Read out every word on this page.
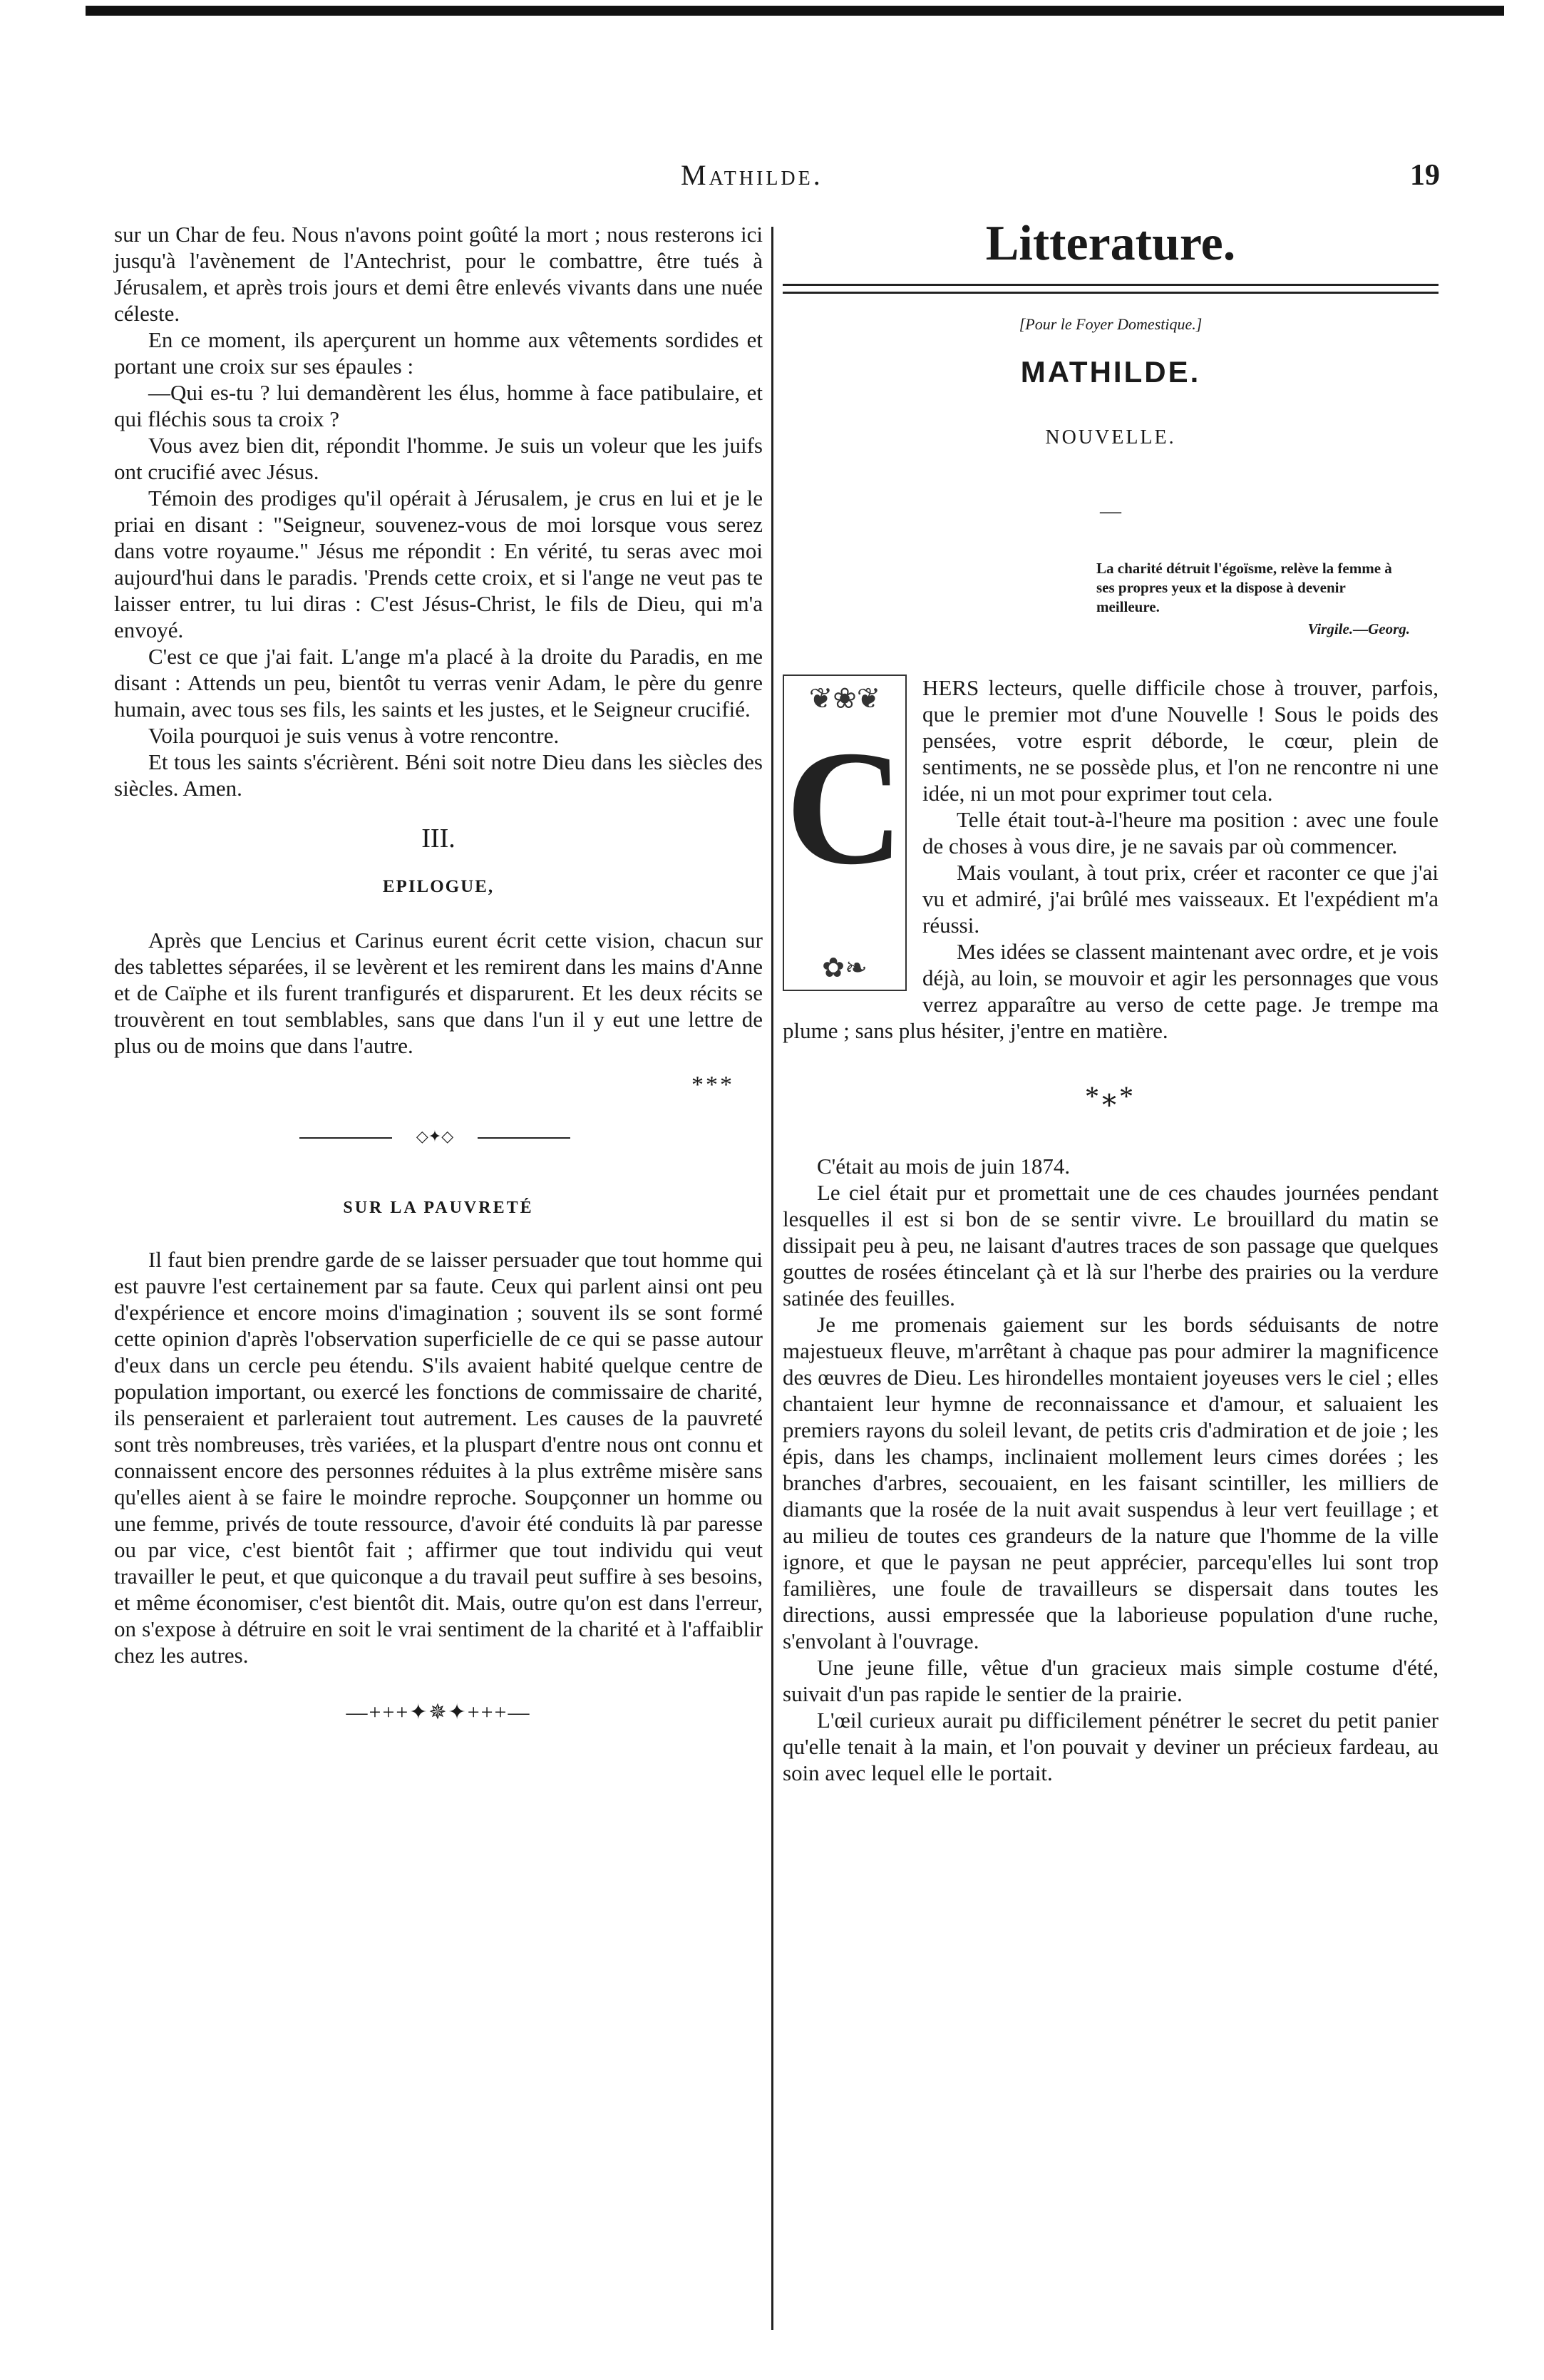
Mathilde.	19

sur un Char de feu. Nous n'avons point goûté la mort ; nous resterons ici jusqu'à l'avènement de l'Antechrist, pour le combattre, être tués à Jérusalem, et après trois jours et demi être enlevés vivants dans une nuée céleste.

En ce moment, ils aperçurent un homme aux vêtements sordides et portant une croix sur ses épaules :

—Qui es-tu ? lui demandèrent les élus, homme à face patibulaire, et qui fléchis sous ta croix ?

Vous avez bien dit, répondit l'homme. Je suis un voleur que les juifs ont crucifié avec Jésus.

Témoin des prodiges qu'il opérait à Jérusalem, je crus en lui et je le priai en disant : "Seigneur, souvenez-vous de moi lorsque vous serez dans votre royaume." Jésus me répondit : En vérité, tu seras avec moi aujourd'hui dans le paradis. 'Prends cette croix, et si l'ange ne veut pas te laisser entrer, tu lui diras : C'est Jésus-Christ, le fils de Dieu, qui m'a envoyé.

C'est ce que j'ai fait. L'ange m'a placé à la droite du Paradis, en me disant : Attends un peu, bientôt tu verras venir Adam, le père du genre humain, avec tous ses fils, les saints et les justes, et le Seigneur crucifié.

Voila pourquoi je suis venus à votre rencontre.

Et tous les saints s'écrièrent. Béni soit notre Dieu dans les siècles des siècles. Amen.

III.
EPILOGUE,

Après que Lencius et Carinus eurent écrit cette vision, chacun sur des tablettes séparées, il se levèrent et les remirent dans les mains d'Anne et de Caïphe et ils furent tranfigurés et disparurent. Et les deux récits se trouvèrent en tout semblables, sans que dans l'un il y eut une lettre de plus ou de moins que dans l'autre.

***
◇✦◇
SUR LA PAUVRETÉ

Il faut bien prendre garde de se laisser persuader que tout homme qui est pauvre l'est certainement par sa faute. Ceux qui parlent ainsi ont peu d'expérience et encore moins d'imagination ; souvent ils se sont formé cette opinion d'après l'observation superficielle de ce qui se passe autour d'eux dans un cercle peu étendu. S'ils avaient habité quelque centre de population important, ou exercé les fonctions de commissaire de charité, ils penseraient et parleraient tout autrement. Les causes de la pauvreté sont très nombreuses, très variées, et la pluspart d'entre nous ont connu et connaissent encore des personnes réduites à la plus extrême misère sans qu'elles aient à se faire le moindre reproche. Soupçonner un homme ou une femme, privés de toute ressource, d'avoir été conduits là par paresse ou par vice, c'est bientôt fait ; affirmer que tout individu qui veut travailler le peut, et que quiconque a du travail peut suffire à ses besoins, et même économiser, c'est bientôt dit. Mais, outre qu'on est dans l'erreur, on s'expose à détruire en soit le vrai sentiment de la charité et à l'affaiblir chez les autres.

—+++✦✵✦+++—
Litterature.
[Pour le Foyer Domestique.]
MATHILDE.
NOUVELLE.
—
La charité détruit l'égoïsme, relève la femme à ses propres yeux et la dispose à devenir meilleure.
Virgile.—Georg.
❦❀❦
C
✿❧

HERS lecteurs, quelle difficile chose à trouver, parfois, que le premier mot d'une Nouvelle ! Sous le poids des pensées, votre esprit déborde, le cœur, plein de sentiments, ne se possède plus, et l'on ne rencontre ni une idée, ni un mot pour exprimer tout cela.

Telle était tout-à-l'heure ma position : avec une foule de choses à vous dire, je ne savais par où commencer.

Mais voulant, à tout prix, créer et raconter ce que j'ai vu et admiré, j'ai brûlé mes vaisseaux. Et l'expédient m'a réussi.

Mes idées se classent maintenant avec ordre, et je vois déjà, au loin, se mouvoir et agir les personnages que vous verrez apparaître au verso de cette page. Je trempe ma plume ; sans plus hésiter, j'entre en matière.

*⁎*

C'était au mois de juin 1874.

Le ciel était pur et promettait une de ces chaudes journées pendant lesquelles il est si bon de se sentir vivre. Le brouillard du matin se dissipait peu à peu, ne laisant d'autres traces de son passage que quelques gouttes de rosées étincelant çà et là sur l'herbe des prairies ou la verdure satinée des feuilles.

Je me promenais gaiement sur les bords séduisants de notre majestueux fleuve, m'arrêtant à chaque pas pour admirer la magnificence des œuvres de Dieu. Les hirondelles montaient joyeuses vers le ciel ; elles chantaient leur hymne de reconnaissance et d'amour, et saluaient les premiers rayons du soleil levant, de petits cris d'admiration et de joie ; les épis, dans les champs, inclinaient mollement leurs cimes dorées ; les branches d'arbres, secouaient, en les faisant scintiller, les milliers de diamants que la rosée de la nuit avait suspendus à leur vert feuillage ; et au milieu de toutes ces grandeurs de la nature que l'homme de la ville ignore, et que le paysan ne peut apprécier, parcequ'elles lui sont trop familières, une foule de travailleurs se dispersait dans toutes les directions, aussi empressée que la laborieuse population d'une ruche, s'envolant à l'ouvrage.

Une jeune fille, vêtue d'un gracieux mais simple costume d'été, suivait d'un pas rapide le sentier de la prairie.

L'œil curieux aurait pu difficilement pénétrer le secret du petit panier qu'elle tenait à la main, et l'on pouvait y deviner un précieux fardeau, au soin avec lequel elle le portait.
